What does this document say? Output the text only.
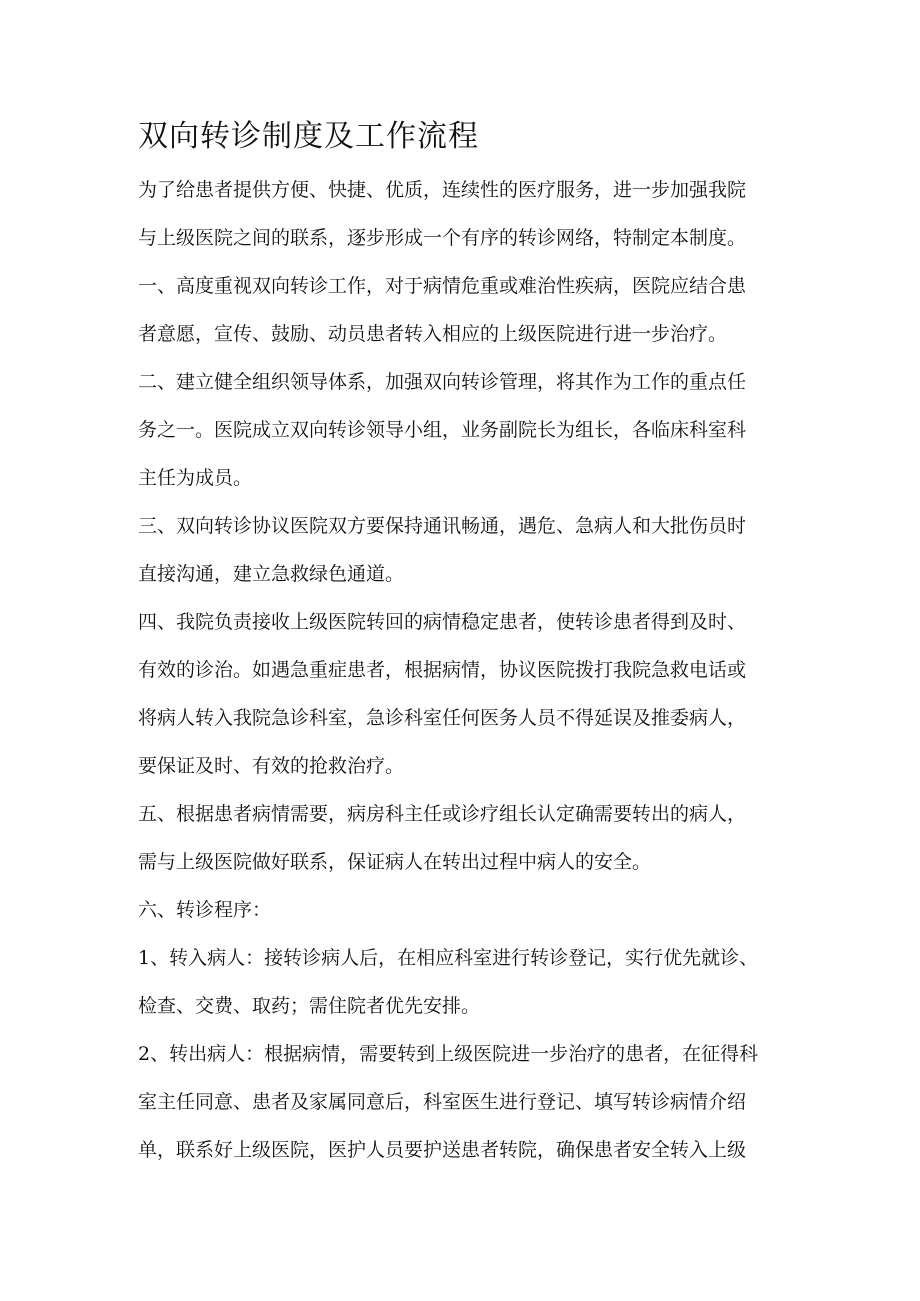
双向转诊制度及工作流程
为了给患者提供方便、快捷、优质，连续性的医疗服务，进一步加强我院
与上级医院之间的联系，逐步形成一个有序的转诊网络，特制定本制度。
一、高度重视双向转诊工作，对于病情危重或难治性疾病，医院应结合患
者意愿，宣传、鼓励、动员患者转入相应的上级医院进行进一步治疗。
二、建立健全组织领导体系，加强双向转诊管理，将其作为工作的重点任
务之一。医院成立双向转诊领导小组，业务副院长为组长，各临床科室科
主任为成员。
三、双向转诊协议医院双方要保持通讯畅通，遇危、急病人和大批伤员时
直接沟通，建立急救绿色通道。
四、我院负责接收上级医院转回的病情稳定患者，使转诊患者得到及时、
有效的诊治。如遇急重症患者，根据病情，协议医院拨打我院急救电话或
将病人转入我院急诊科室，急诊科室任何医务人员不得延误及推委病人，
要保证及时、有效的抢救治疗。
五、根据患者病情需要，病房科主任或诊疗组长认定确需要转出的病人，
需与上级医院做好联系，保证病人在转出过程中病人的安全。
六、转诊程序：
1、转入病人：接转诊病人后，在相应科室进行转诊登记，实行优先就诊、
检查、交费、取药；需住院者优先安排。
2、转出病人：根据病情，需要转到上级医院进一步治疗的患者，在征得科
室主任同意、患者及家属同意后，科室医生进行登记、填写转诊病情介绍
单，联系好上级医院，医护人员要护送患者转院，确保患者安全转入上级
